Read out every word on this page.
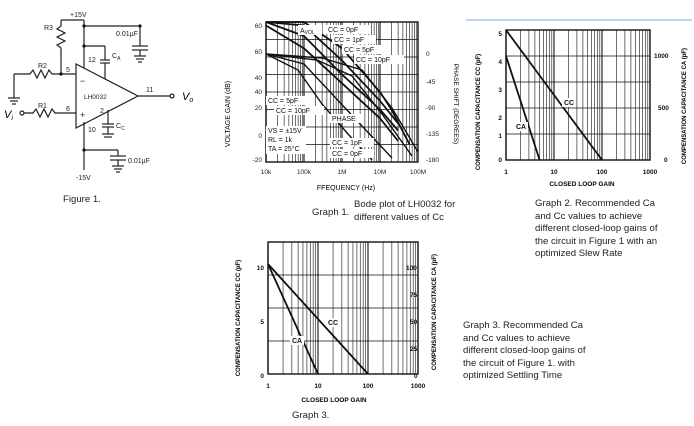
+15V
-15V
0.01µF
0.01µF
R3
R2
R1
LH0032
$C_A$
$C_C$
12
11
5
6	2
10
−
+
Vi
Vo
Figure 1.
VOLTAGE GAIN (dB)	PHASE SHIFT (DEGREES)
FFEQUENCY (Hz)
60
60
40
40
20
0
-20
0
-45
-90
-135
-180
10k	100k	1M	10M	100M
AVOL CC = 0pF
CC = 1pF
CC = 5pF
CC = 10pF
CC = 5pF
CC = 10pF
PHASE
VS = ±15V
RL = 1k
TA = 25°C
CC = 1pF
CC = 0pF
Graph 1.
Bode plot of LH0032 for different values of Cc
COMPENSATION CAPACITANCE CC (pF)	COMPENSATION CAPACITANCE CA (pF)
CLOSED LOOP GAIN
5
4
3
2
1
0
1000
500
0
1	10	100	1000
CC
CA
Graph 2. Recommended Ca and Cc values to achieve different closed-loop gains of the circuit in Figure 1 with an optimized Slew Rate
COMPENSATION CAPACITANCE CC (pF)	COMPENSATION CAPACITANCE CA (pF)
CLOSED LOOP GAIN
10
5
0
100
75
50
25
0
1	10	100	1000
CC
CA
Graph 3.
Graph 3. Recommended Ca and Cc values to achieve different closed-loop gains of the circuit of Figure 1. with optimized Settling Time
